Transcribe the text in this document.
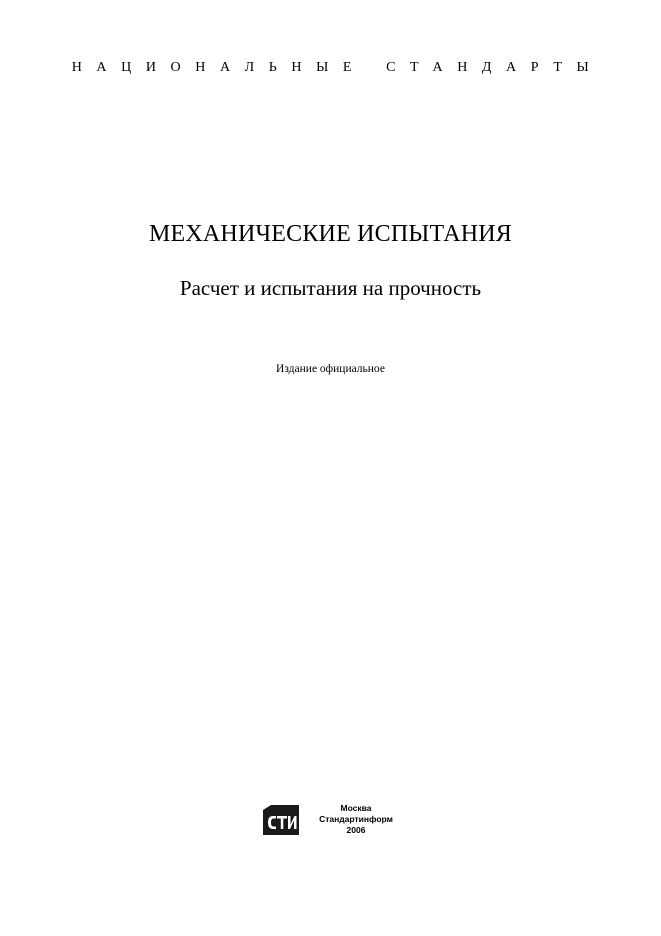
НАЦИОНАЛЬНЫЕ СТАНДАРТЫ
МЕХАНИЧЕСКИЕ ИСПЫТАНИЯ
Расчет и испытания на прочность
Издание официальное
Москва
Стандартинформ
2006
